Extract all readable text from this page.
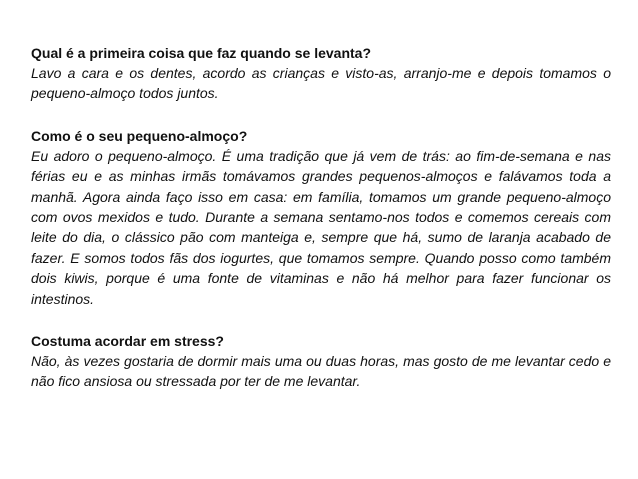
Qual é a primeira coisa que faz quando se levanta?

Lavo a cara e os dentes, acordo as crianças e visto-as, arranjo-me e depois tomamos o pequeno-almoço todos juntos.

Como é o seu pequeno-almoço?

Eu adoro o pequeno-almoço. É uma tradição que já vem de trás: ao fim-de-semana e nas férias eu e as minhas irmãs tomávamos grandes pequenos-almoços e falávamos toda a manhã. Agora ainda faço isso em casa: em família, tomamos um grande pequeno-almoço com ovos mexidos e tudo. Durante a semana sentamo-nos todos e comemos cereais com leite do dia, o clássico pão com manteiga e, sempre que há, sumo de laranja acabado de fazer. E somos todos fãs dos iogurtes, que tomamos sempre. Quando posso como também dois kiwis, porque é uma fonte de vitaminas e não há melhor para fazer funcionar os intestinos.

Costuma acordar em stress?

Não, às vezes gostaria de dormir mais uma ou duas horas, mas gosto de me levantar cedo e não fico ansiosa ou stressada por ter de me levantar.
